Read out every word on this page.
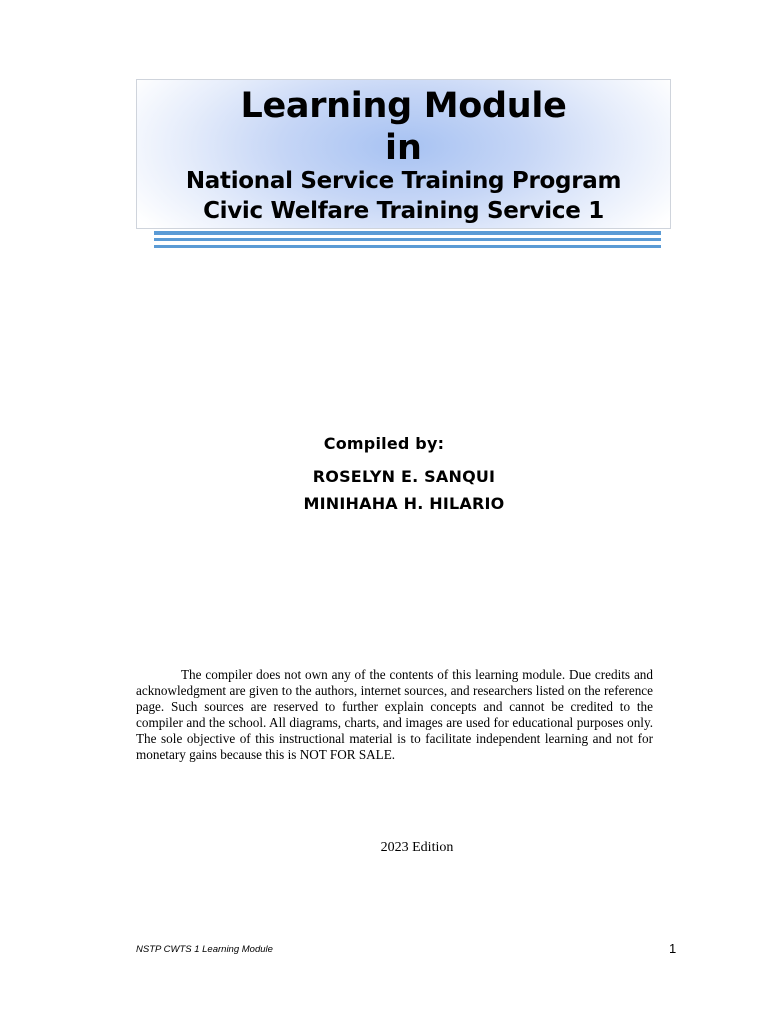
Learning Module
in
National Service Training Program
Civic Welfare Training Service 1
Compiled by:
ROSELYN E. SANQUI
MINIHAHA H. HILARIO

The compiler does not own any of the contents of this learning module. Due credits and acknowledgment are given to the authors, internet sources, and researchers listed on the reference page. Such sources are reserved to further explain concepts and cannot be credited to the compiler and the school. All diagrams, charts, and images are used for educational purposes only. The sole objective of this instructional material is to facilitate independent learning and not for monetary gains because this is NOT FOR SALE.

2023 Edition
NSTP CWTS 1 Learning Module	1
